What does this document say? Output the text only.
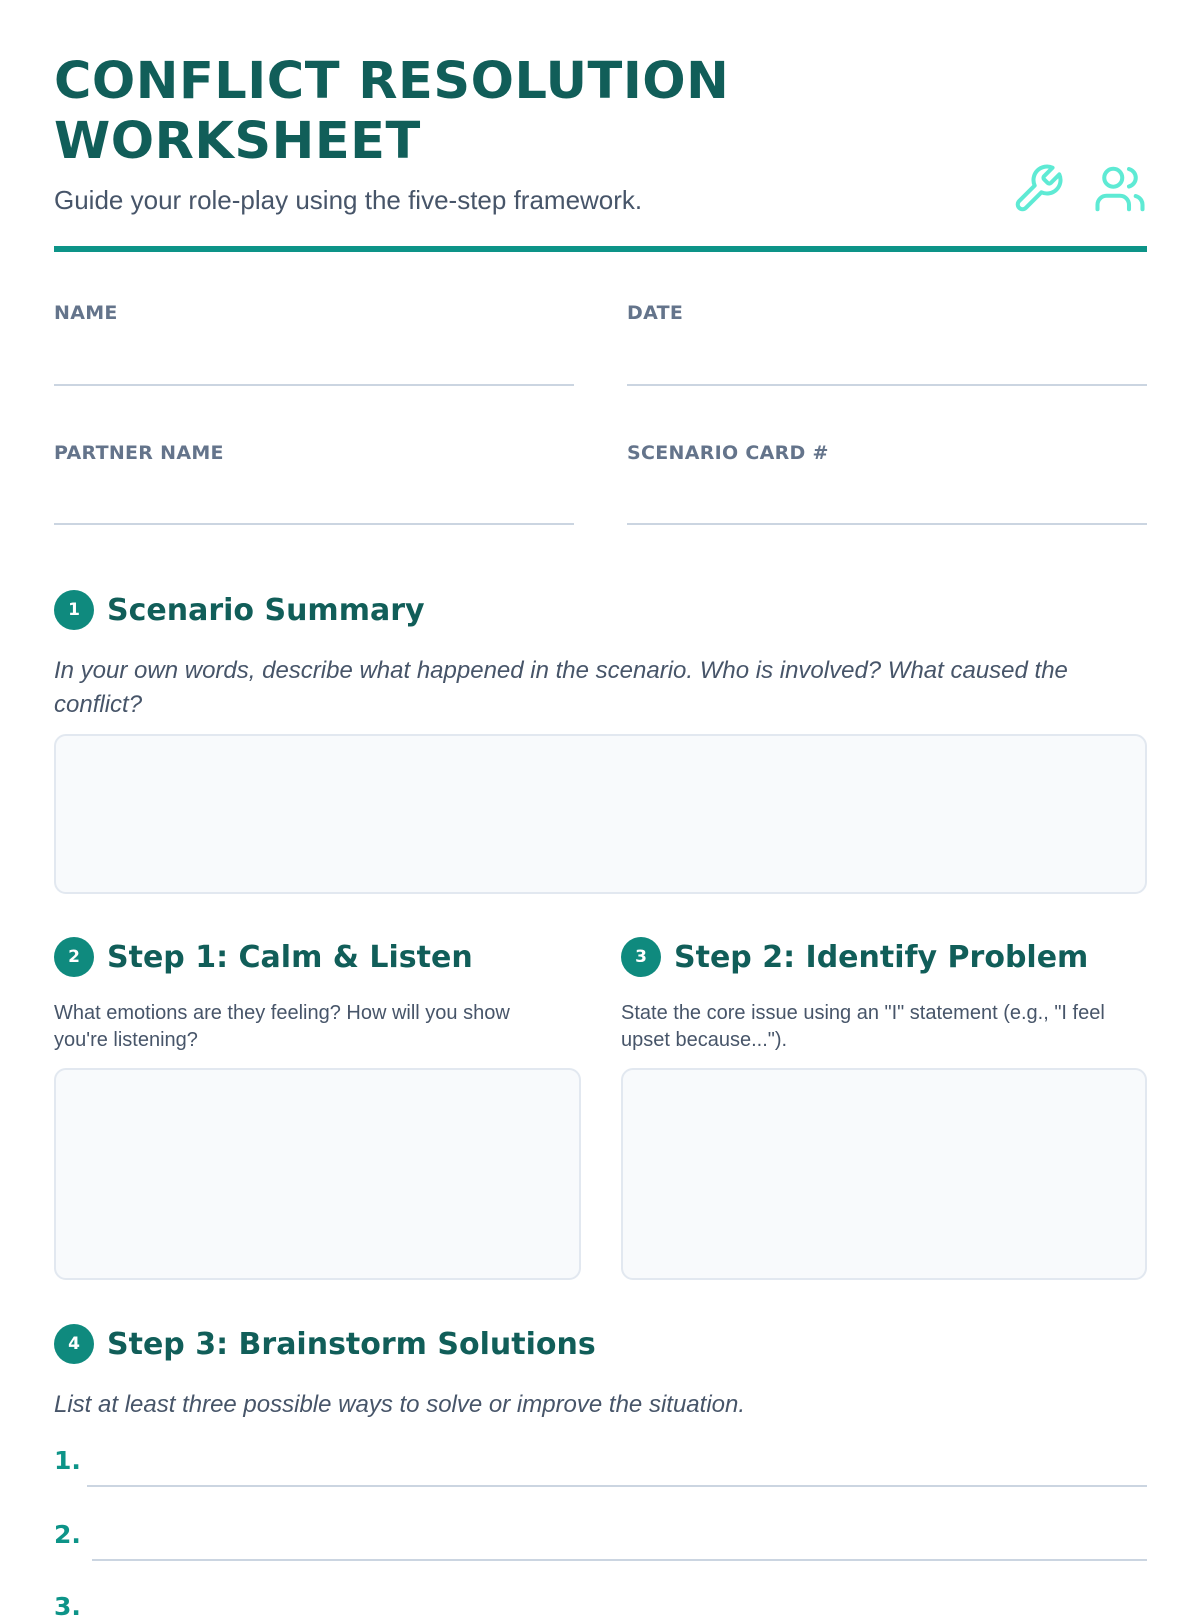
CONFLICT RESOLUTION
WORKSHEET
Guide your role-play using the five-step framework.
NAME	DATE
PARTNER NAME	SCENARIO CARD #
1 Scenario Summary
In your own words, describe what happened in the scenario. Who is involved? What caused the conflict?
2 Step 1: Calm & Listen
What emotions are they feeling? How will you show you're listening?
3 Step 2: Identify Problem
State the core issue using an "I" statement (e.g., "I feel upset because...").
4 Step 3: Brainstorm Solutions
List at least three possible ways to solve or improve the situation.
1.
2.
3.
